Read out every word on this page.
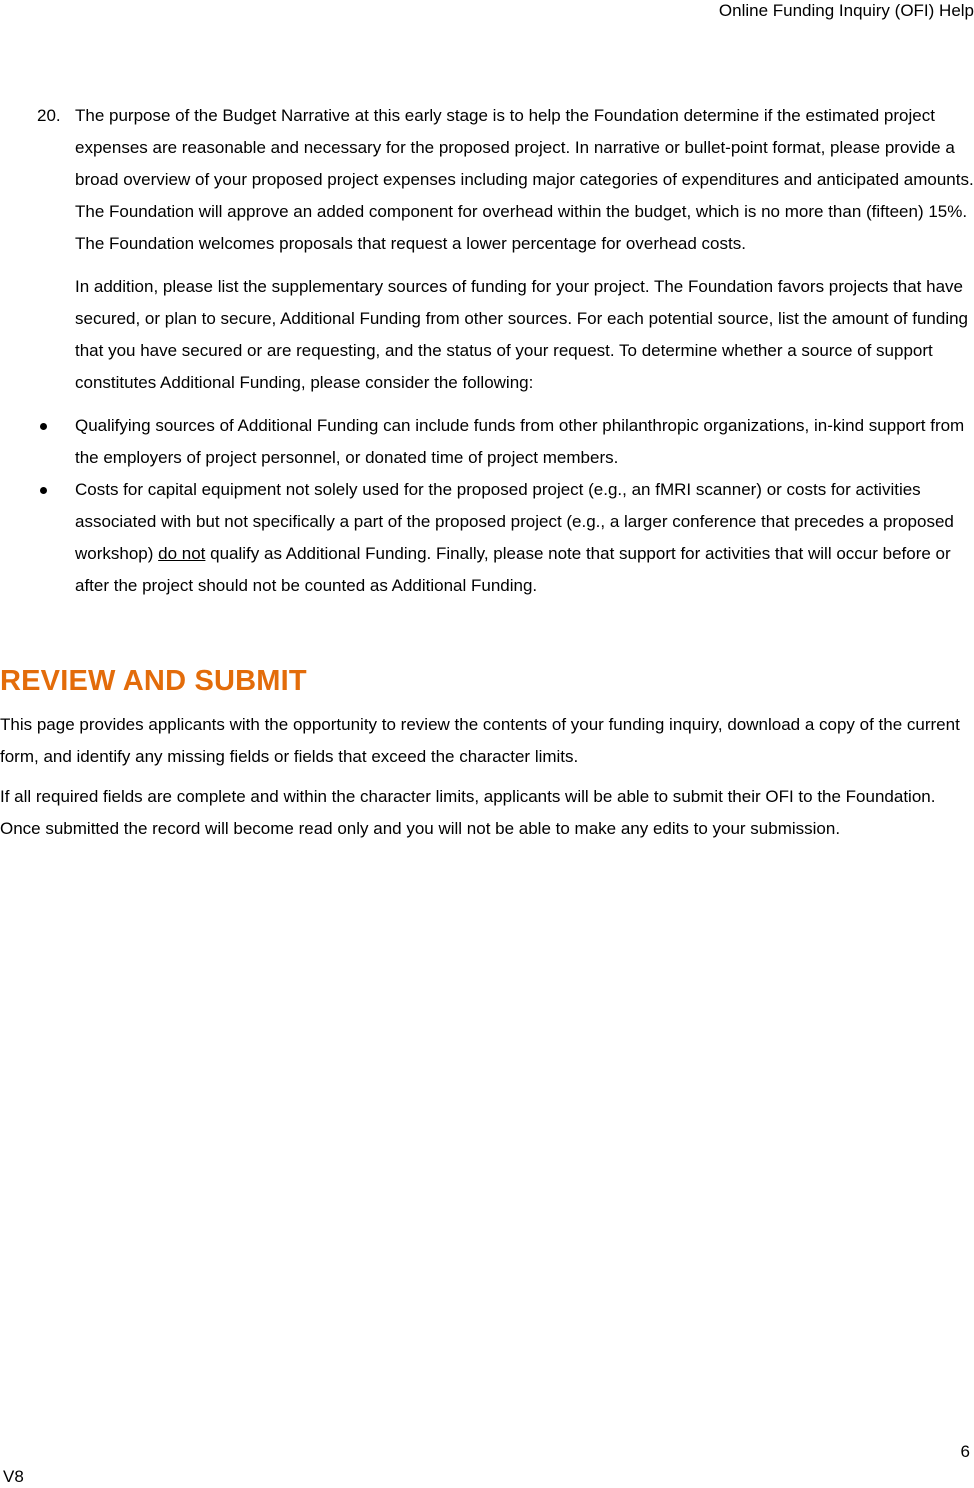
Online Funding Inquiry (OFI) Help
20. The purpose of the Budget Narrative at this early stage is to help the Foundation determine if the estimated project expenses are reasonable and necessary for the proposed project. In narrative or bullet-point format, please provide a broad overview of your proposed project expenses including major categories of expenditures and anticipated amounts. The Foundation will approve an added component for overhead within the budget, which is no more than (fifteen) 15%. The Foundation welcomes proposals that request a lower percentage for overhead costs.

In addition, please list the supplementary sources of funding for your project. The Foundation favors projects that have secured, or plan to secure, Additional Funding from other sources. For each potential source, list the amount of funding that you have secured or are requesting, and the status of your request. To determine whether a source of support constitutes Additional Funding, please consider the following:

Qualifying sources of Additional Funding can include funds from other philanthropic organizations, in-kind support from the employers of project personnel, or donated time of project members.
Costs for capital equipment not solely used for the proposed project (e.g., an fMRI scanner) or costs for activities associated with but not specifically a part of the proposed project (e.g., a larger conference that precedes a proposed workshop) do not qualify as Additional Funding. Finally, please note that support for activities that will occur before or after the project should not be counted as Additional Funding.
REVIEW AND SUBMIT

This page provides applicants with the opportunity to review the contents of your funding inquiry, download a copy of the current form, and identify any missing fields or fields that exceed the character limits.

If all required fields are complete and within the character limits, applicants will be able to submit their OFI to the Foundation. Once submitted the record will become read only and you will not be able to make any edits to your submission.

6
V8
